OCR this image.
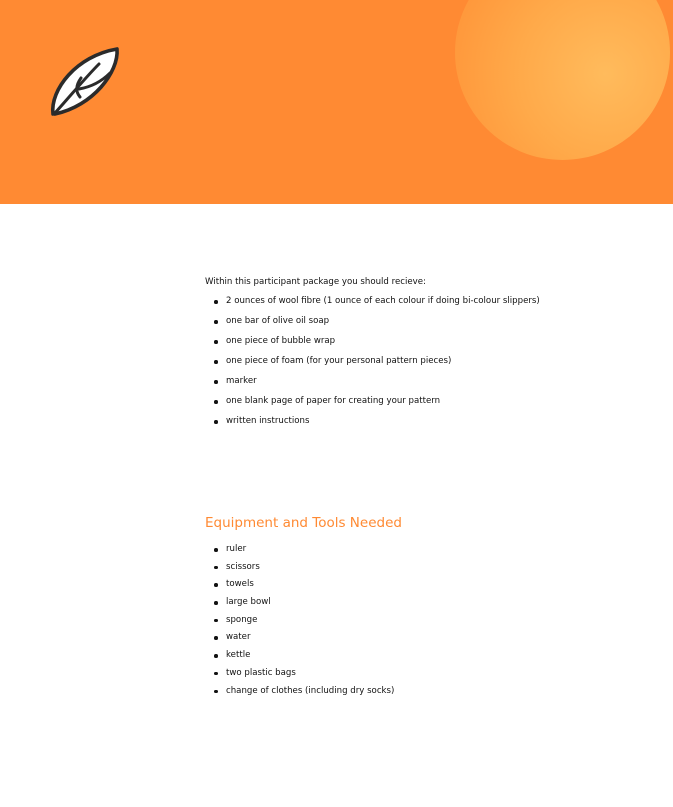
Within this participant package you should recieve:

2 ounces of wool fibre (1 ounce of each colour if doing bi-colour slippers)
one bar of olive oil soap
one piece of bubble wrap
one piece of foam (for your personal pattern pieces)
marker
one blank page of paper for creating your pattern
written instructions
Equipment and Tools Needed
ruler
scissors
towels
large bowl
sponge
water
kettle
two plastic bags
change of clothes (including dry socks)
